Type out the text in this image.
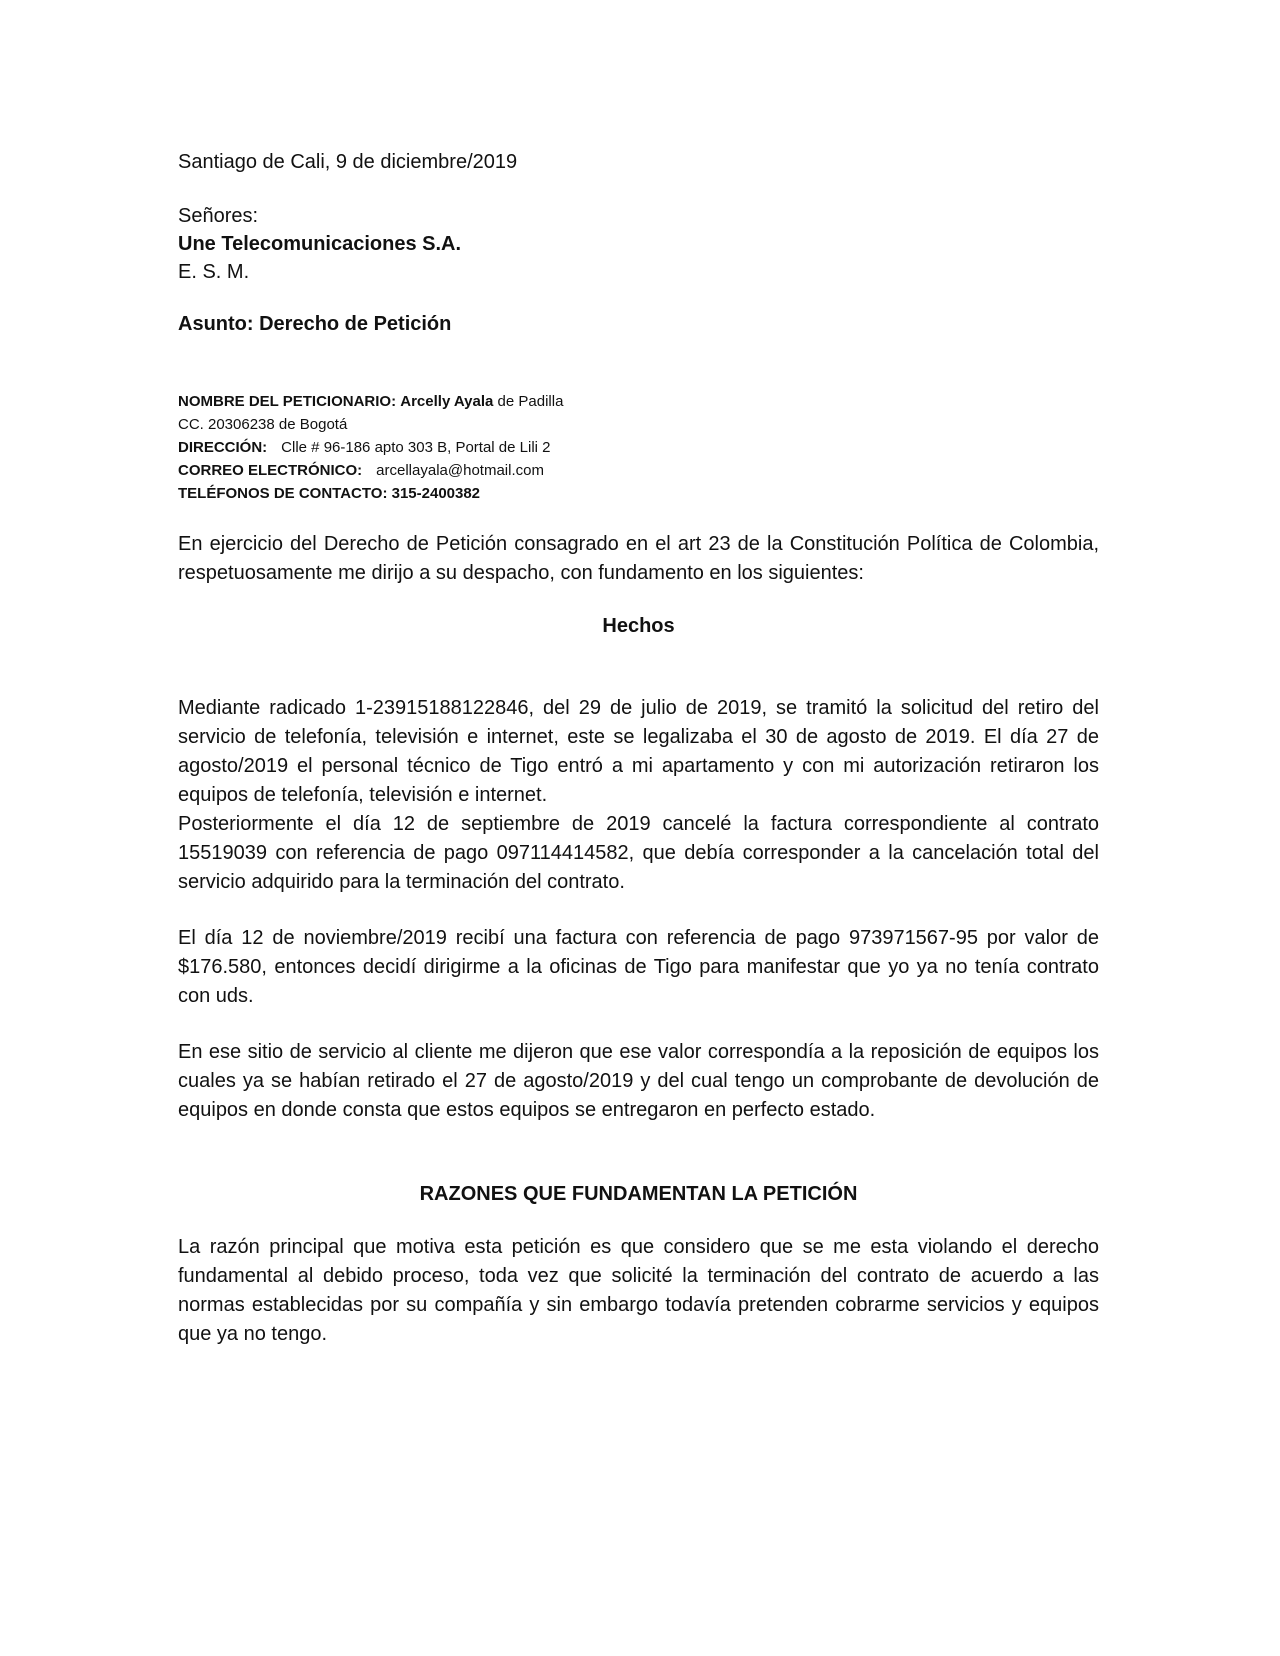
Santiago de Cali, 9 de diciembre/2019

Señores:

Une Telecomunicaciones S.A.

E. S. M.

Asunto: Derecho de Petición

NOMBRE DEL PETICIONARIO: Arcelly Ayala de Padilla

CC. 20306238 de Bogotá

DIRECCIÓN: Clle # 96-186 apto 303 B, Portal de Lili 2

CORREO ELECTRÓNICO: arcellayala@hotmail.com

TELÉFONOS DE CONTACTO: 315-2400382

En ejercicio del Derecho de Petición consagrado en el art 23 de la Constitución Política de Colombia, respetuosamente me dirijo a su despacho, con fundamento en los siguientes:

Hechos

Mediante radicado 1-23915188122846, del 29 de julio de 2019, se tramitó la solicitud del retiro del servicio de telefonía, televisión e internet, este se legalizaba el 30 de agosto de 2019. El día 27 de agosto/2019 el personal técnico de Tigo entró a mi apartamento y con mi autorización retiraron los equipos de telefonía, televisión e internet.

Posteriormente el día 12 de septiembre de 2019 cancelé la factura correspondiente al contrato 15519039 con referencia de pago 097114414582, que debía corresponder a la cancelación total del servicio adquirido para la terminación del contrato.

El día 12 de noviembre/2019 recibí una factura con referencia de pago 973971567-95 por valor de $176.580, entonces decidí dirigirme a la oficinas de Tigo para manifestar que yo ya no tenía contrato con uds.

En ese sitio de servicio al cliente me dijeron que ese valor correspondía a la reposición de equipos los cuales ya se habían retirado el 27 de agosto/2019 y del cual tengo un comprobante de devolución de equipos en donde consta que estos equipos se entregaron en perfecto estado.

RAZONES QUE FUNDAMENTAN LA PETICIÓN

La razón principal que motiva esta petición es que considero que se me esta violando el derecho fundamental al debido proceso, toda vez que solicité la terminación del contrato de acuerdo a las normas establecidas por su compañía y sin embargo todavía pretenden cobrarme servicios y equipos que ya no tengo.
